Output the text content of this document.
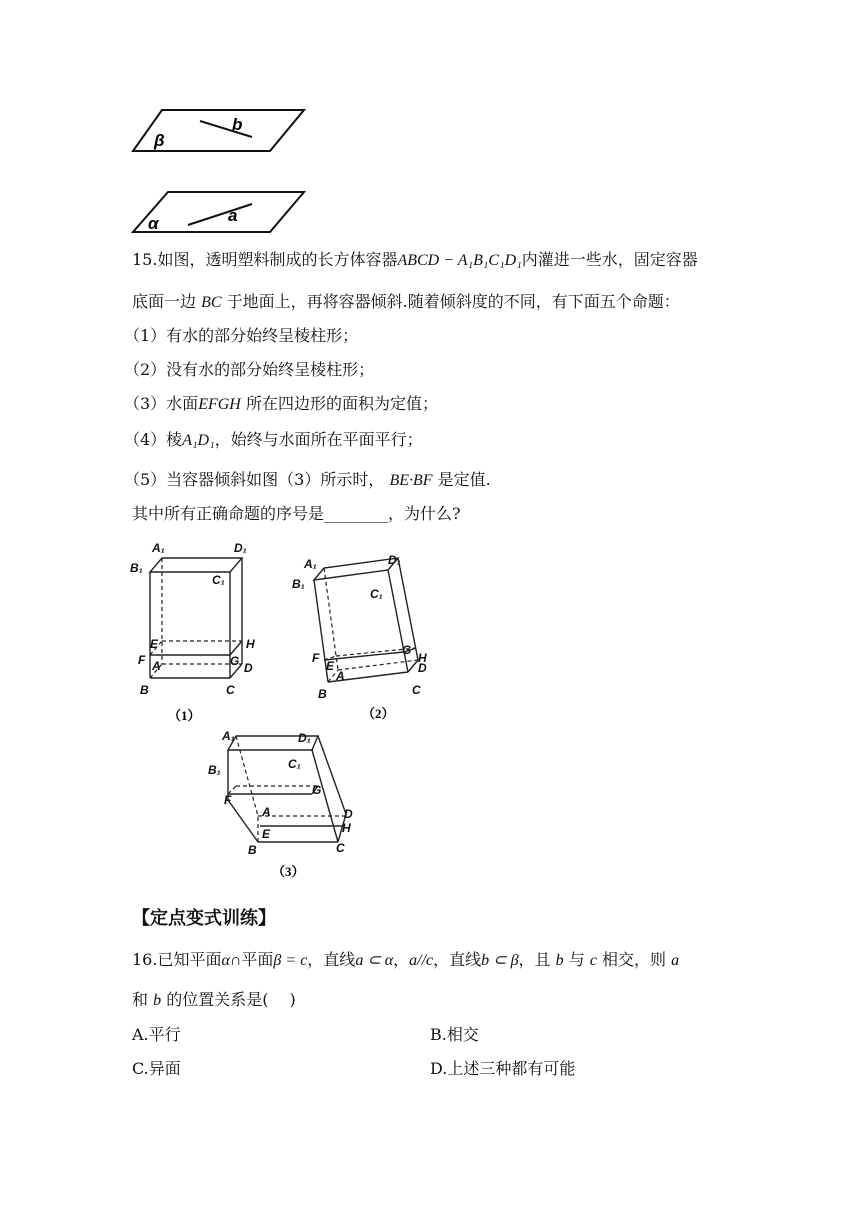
b
β
a
α
15.如图，透明塑料制成的长方体容器ABCD − A₁B₁C₁D₁内灌进一些水，固定容器
底面一边 BC 于地面上，再将容器倾斜.随着倾斜度的不同，有下面五个命题：
（1）有水的部分始终呈棱柱形；
（2）没有水的部分始终呈棱柱形；
（3）水面EFGH 所在四边形的面积为定值；
（4）棱A₁D₁，始终与水面所在平面平行；
（5）当容器倾斜如图（3）所示时， BE·BF 是定值.
其中所有正确命题的序号是________，为什么?
A₁	D₁
B₁
C₁
E	H
F	G
A	D
B	C
（1）
A₁	D₁
B₁
C₁
F
G
H
E	D
A
B	C
（2）
A₁	D₁
B₁	C₁
F
G
A	D
H
E
B	C
（3）
【定点变式训练】
16.已知平面α∩平面β = c，直线a ⊂ α，a//c，直线b ⊂ β，且 b 与 c 相交，则 a
和 b 的位置关系是(　 )
A.平行	B.相交
C.异面	D.上述三种都有可能
